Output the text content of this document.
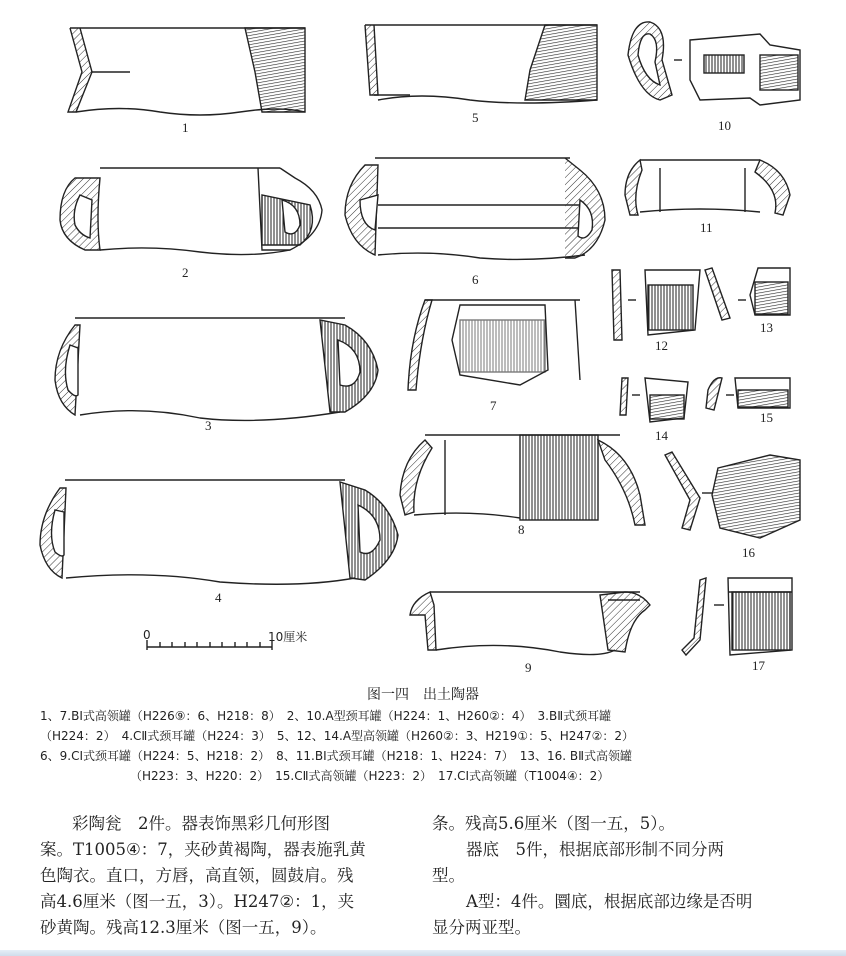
1
2
3
4
5
6
7
8
9
10
11
12
13
14
15
16
17
0	10厘米
图一四　出土陶器
1、7.BⅠ式高领罐（H226⑨：6、H218：8）　2、10.A型颈耳罐（H224：1、H260②：4）　3.BⅡ式颈耳罐
（H224：2）　4.CⅡ式颈耳罐（H224：3）　5、12、14.A型高领罐（H260②：3、H219①：5、H247②：2）
6、9.CⅠ式颈耳罐（H224：5、H218：2）　8、11.BⅠ式颈耳罐（H218：1、H224：7）　13、16. BⅡ式高领罐
（H223：3、H220：2）　15.CⅡ式高领罐（H223：2）　17.CⅠ式高领罐（T1004④：2）
彩陶瓮　2件。器表饰黑彩几何形图
案。T1005④：7，夹砂黄褐陶，器表施乳黄
色陶衣。直口，方唇，高直领，圆鼓肩。残
高4.6厘米（图一五，3）。H247②：1，夹
砂黄陶。残高12.3厘米（图一五，9）。
条。残高5.6厘米（图一五，5）。
器底　5件，根据底部形制不同分两
型。
A型：4件。圜底，根据底部边缘是否明
显分两亚型。
